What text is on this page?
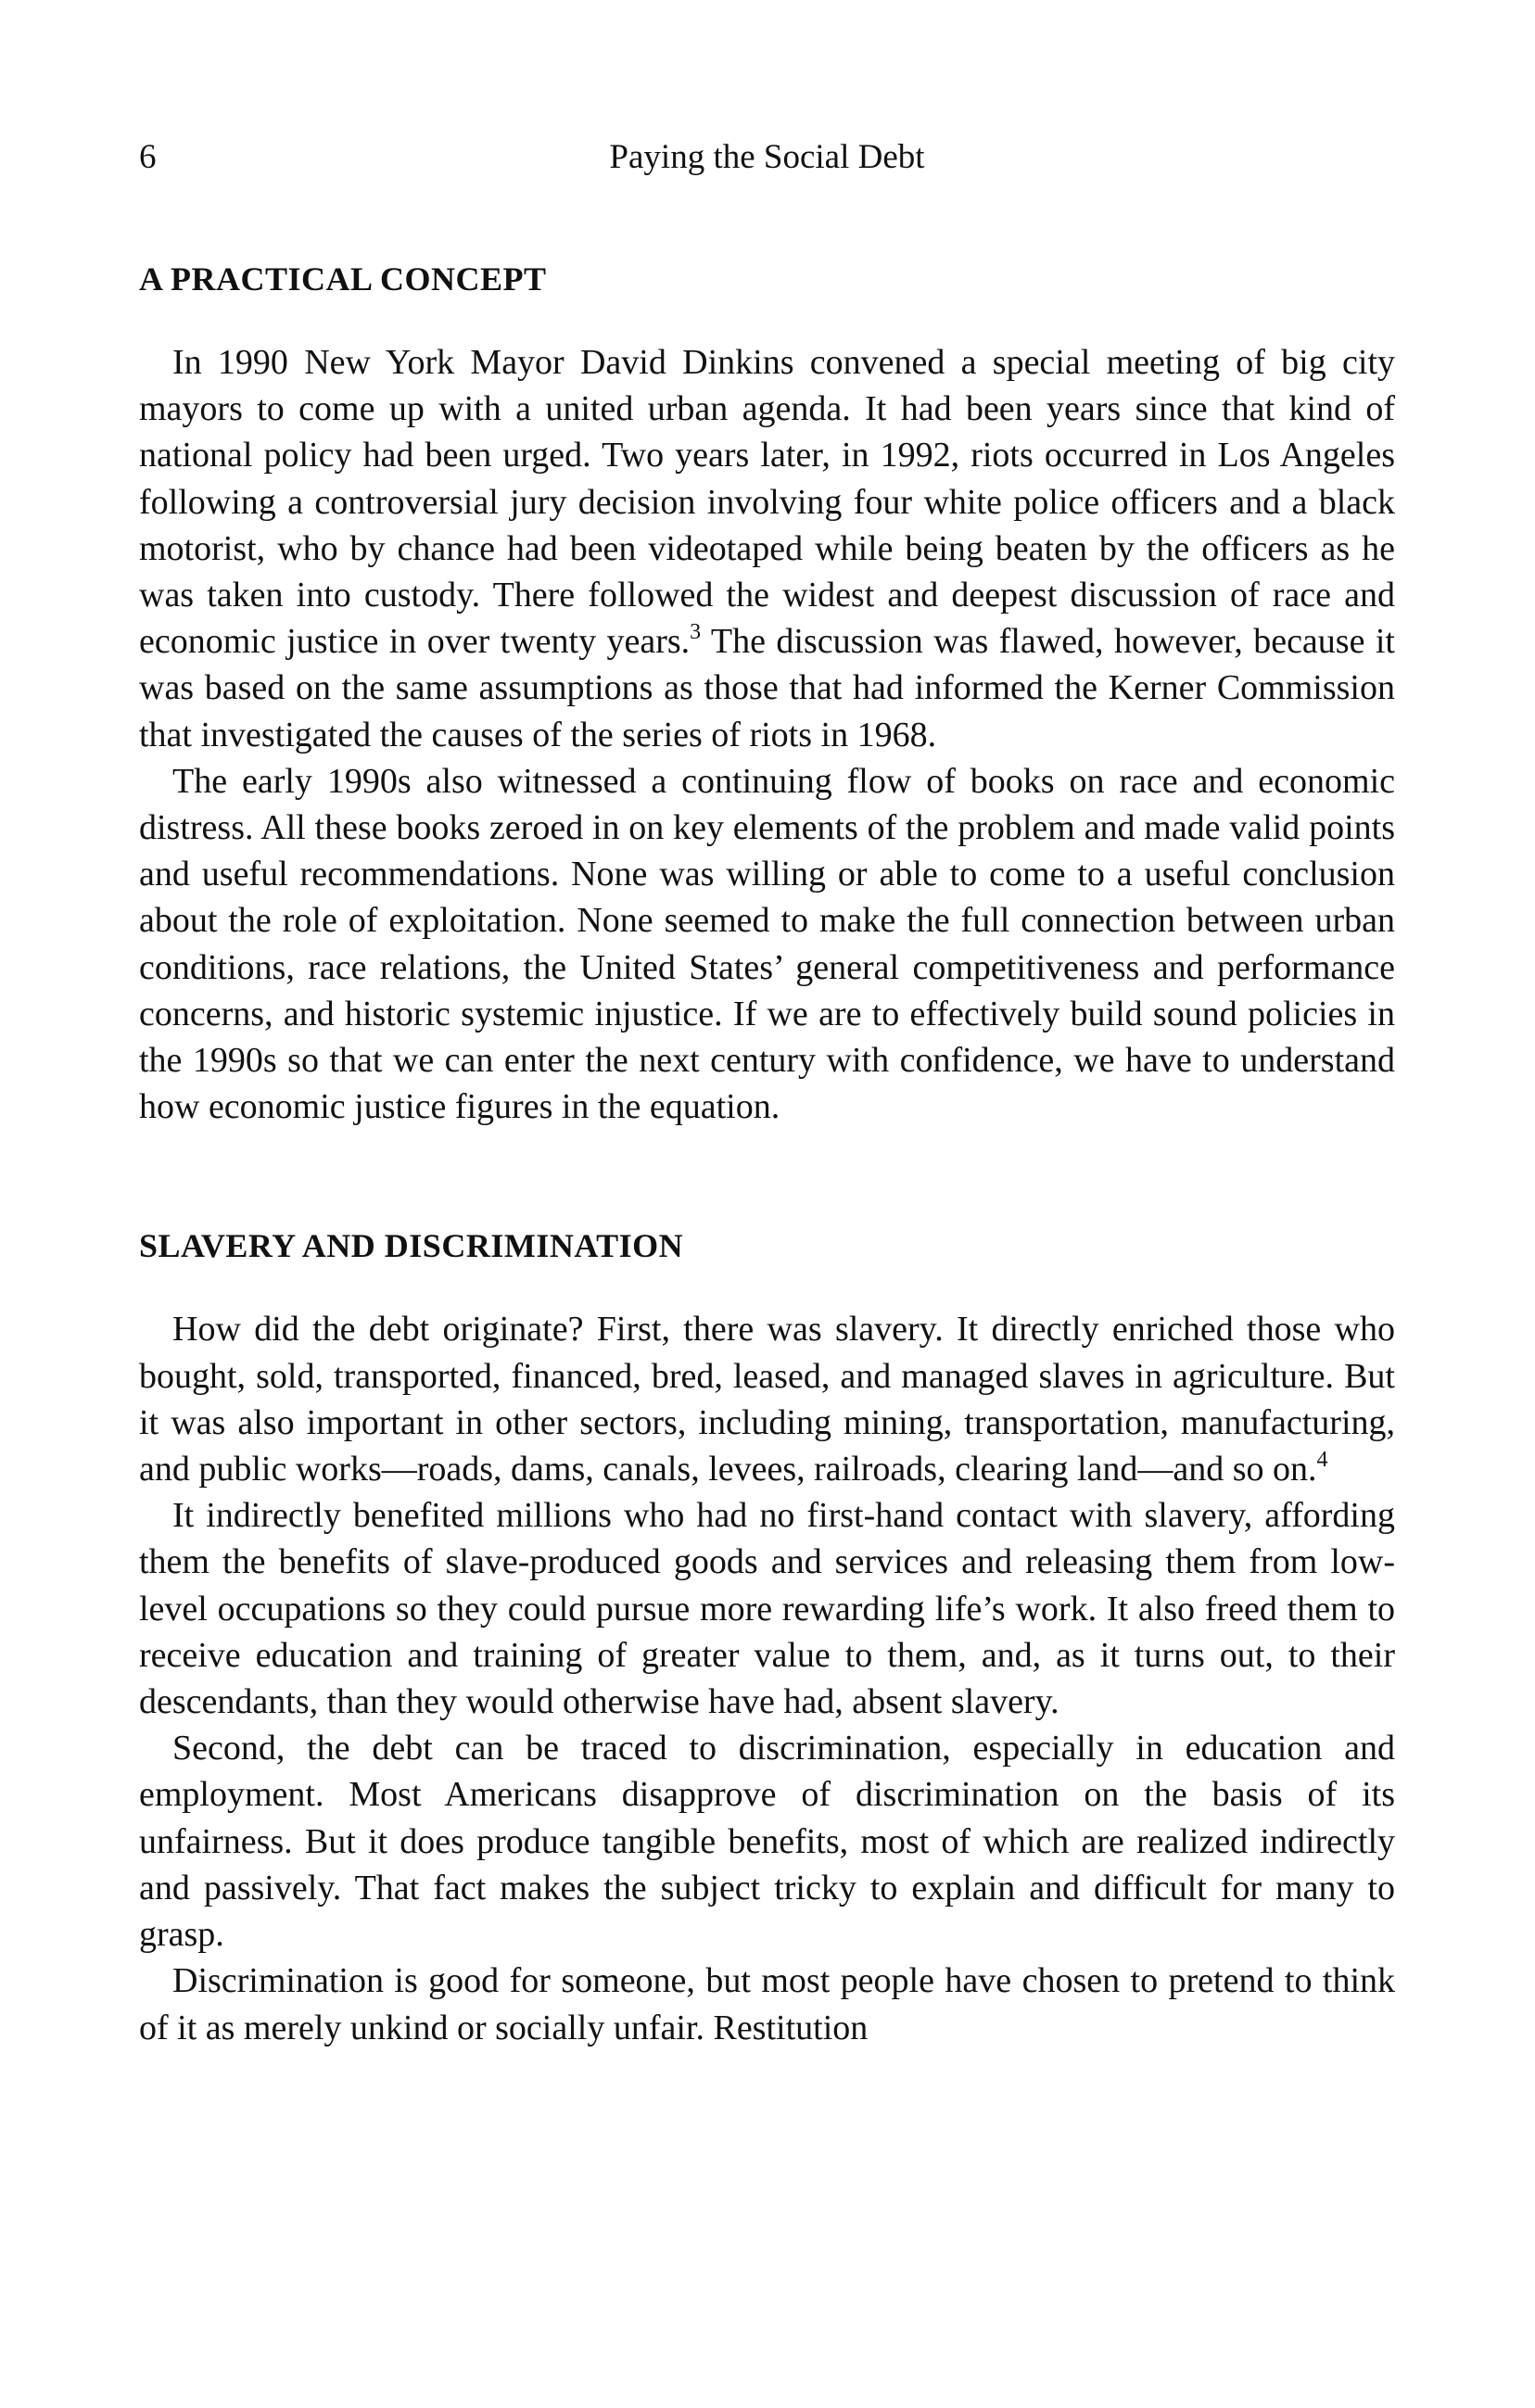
6	Paying the Social Debt
A PRACTICAL CONCEPT

In 1990 New York Mayor David Dinkins convened a special meeting of big city mayors to come up with a united urban agenda. It had been years since that kind of national policy had been urged. Two years later, in 1992, riots occurred in Los Angeles following a controversial jury decision involving four white police officers and a black motorist, who by chance had been videotaped while being beaten by the officers as he was taken into custody. There followed the widest and deepest discussion of race and economic justice in over twenty years.$^3$ The discussion was flawed, however, because it was based on the same assumptions as those that had informed the Kerner Commission that investigated the causes of the series of riots in 1968.

The early 1990s also witnessed a continuing flow of books on race and economic distress. All these books zeroed in on key elements of the problem and made valid points and useful recommendations. None was willing or able to come to a useful conclusion about the role of exploitation. None seemed to make the full connection between urban conditions, race relations, the United States’ general competitiveness and performance concerns, and historic systemic injustice. If we are to effectively build sound policies in the 1990s so that we can enter the next century with confidence, we have to understand how economic justice figures in the equation.

SLAVERY AND DISCRIMINATION

How did the debt originate? First, there was slavery. It directly enriched those who bought, sold, transported, financed, bred, leased, and managed slaves in agriculture. But it was also important in other sectors, including mining, transportation, manufacturing, and public works—roads, dams, canals, levees, railroads, clearing land—and so on.$^4$

It indirectly benefited millions who had no first-hand contact with slavery, affording them the benefits of slave-produced goods and services and releasing them from low-level occupations so they could pursue more rewarding life’s work. It also freed them to receive education and training of greater value to them, and, as it turns out, to their descendants, than they would otherwise have had, absent slavery.

Second, the debt can be traced to discrimination, especially in education and employment. Most Americans disapprove of discrimination on the basis of its unfairness. But it does produce tangible benefits, most of which are realized indirectly and passively. That fact makes the subject tricky to explain and difficult for many to grasp.

Discrimination is good for someone, but most people have chosen to pretend to think of it as merely unkind or socially unfair. Restitution
